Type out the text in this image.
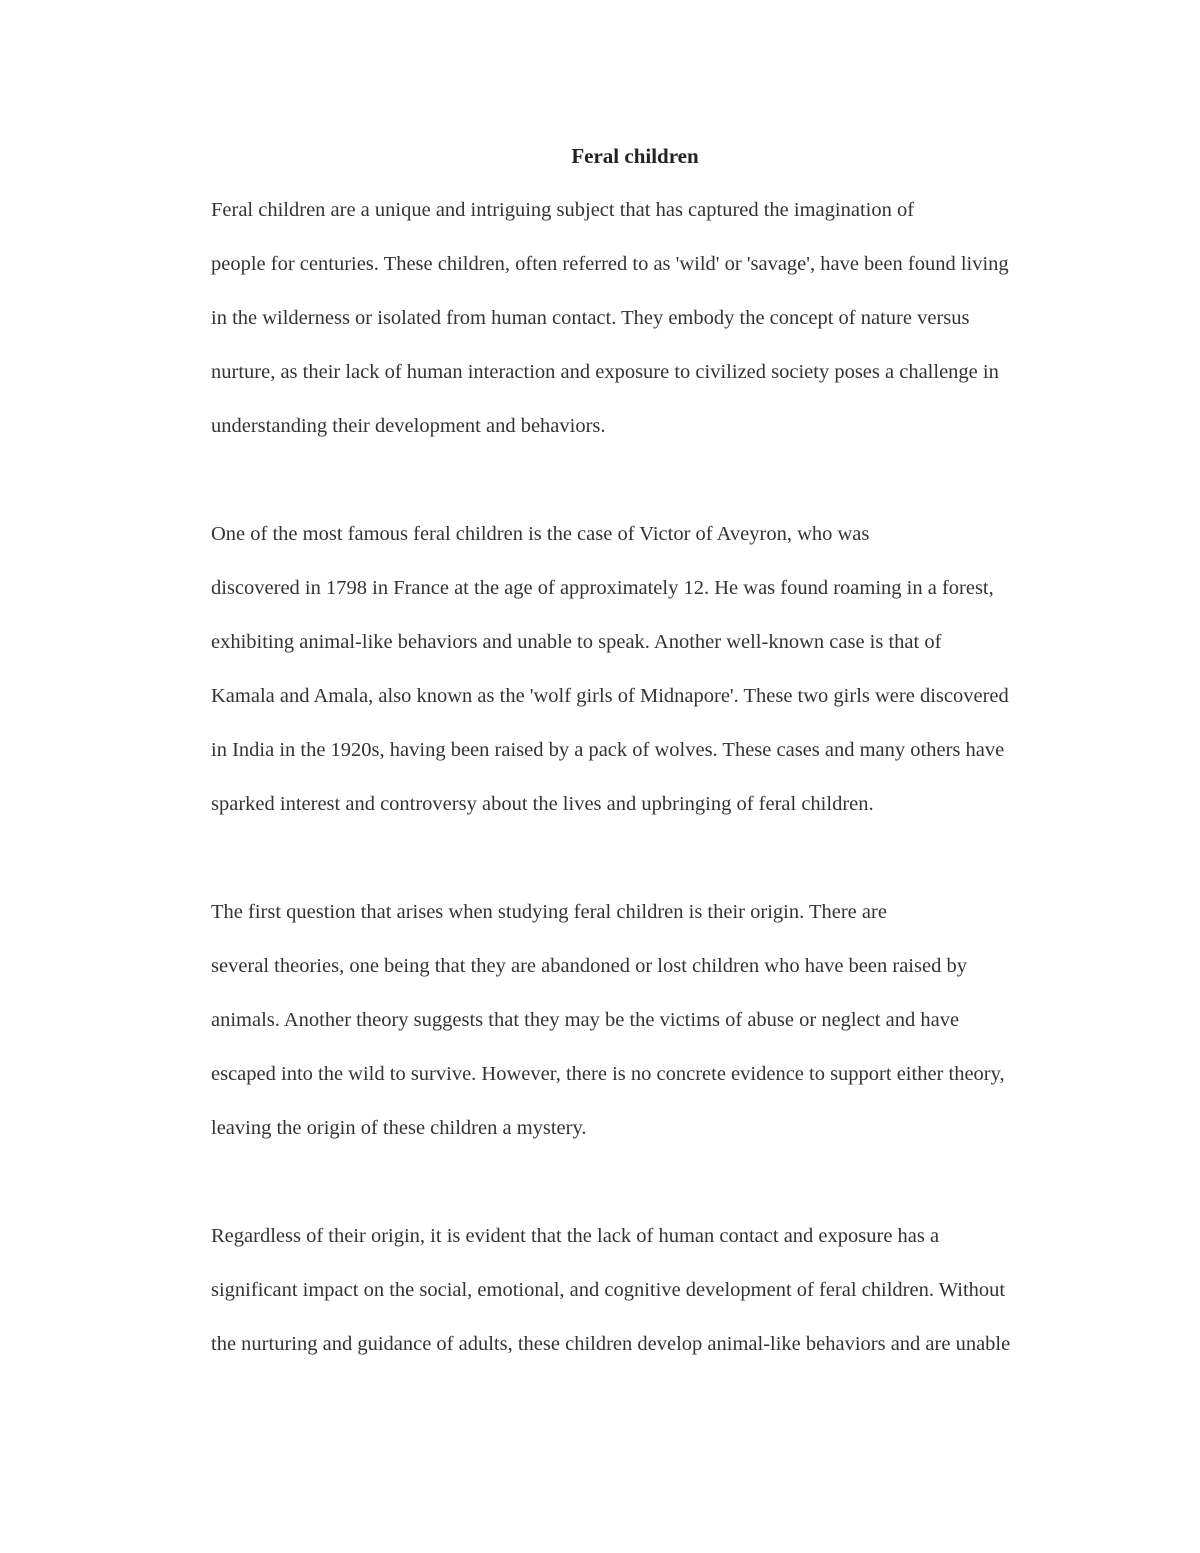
Feral children

Feral children are a unique and intriguing subject that has captured the imagination of
people for centuries. These children, often referred to as 'wild' or 'savage', have been found living
in the wilderness or isolated from human contact. They embody the concept of nature versus
nurture, as their lack of human interaction and exposure to civilized society poses a challenge in
understanding their development and behaviors.

One of the most famous feral children is the case of Victor of Aveyron, who was
discovered in 1798 in France at the age of approximately 12. He was found roaming in a forest,
exhibiting animal-like behaviors and unable to speak. Another well-known case is that of
Kamala and Amala, also known as the 'wolf girls of Midnapore'. These two girls were discovered
in India in the 1920s, having been raised by a pack of wolves. These cases and many others have
sparked interest and controversy about the lives and upbringing of feral children.

The first question that arises when studying feral children is their origin. There are
several theories, one being that they are abandoned or lost children who have been raised by
animals. Another theory suggests that they may be the victims of abuse or neglect and have
escaped into the wild to survive. However, there is no concrete evidence to support either theory,
leaving the origin of these children a mystery.

Regardless of their origin, it is evident that the lack of human contact and exposure has a
significant impact on the social, emotional, and cognitive development of feral children. Without
the nurturing and guidance of adults, these children develop animal-like behaviors and are unable
